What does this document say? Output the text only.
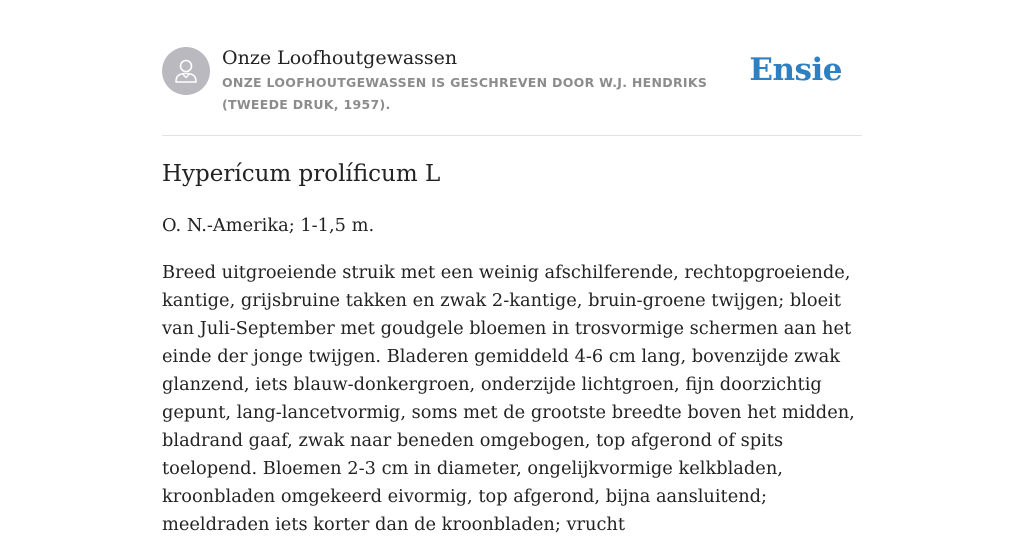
Onze Loofhoutgewassen
ONZE LOOFHOUTGEWASSEN IS GESCHREVEN DOOR W.J. HENDRIKS (TWEEDE DRUK, 1957).
Ensie
Hyperícum prolíficum L

O. N.-Amerika; 1-1,5 m.

Breed uitgroeiende struik met een weinig afschilferende, rechtopgroeiende, kantige, grijsbruine takken en zwak 2-kantige, bruin-groene twijgen; bloeit van Juli-September met goudgele bloemen in trosvormige schermen aan het einde der jonge twijgen. Bladeren gemiddeld 4-6 cm lang, bovenzijde zwak glanzend, iets blauw-donkergroen, onderzijde lichtgroen, fijn doorzichtig gepunt, lang-lancetvormig, soms met de grootste breedte boven het midden, bladrand gaaf, zwak naar beneden omgebogen, top afgerond of spits toelopend. Bloemen 2-3 cm in diameter, ongelijkvormige kelkbladen, kroonbladen omgekeerd eivormig, top afgerond, bijna aansluitend; meeldraden iets korter dan de kroonbladen; vrucht
